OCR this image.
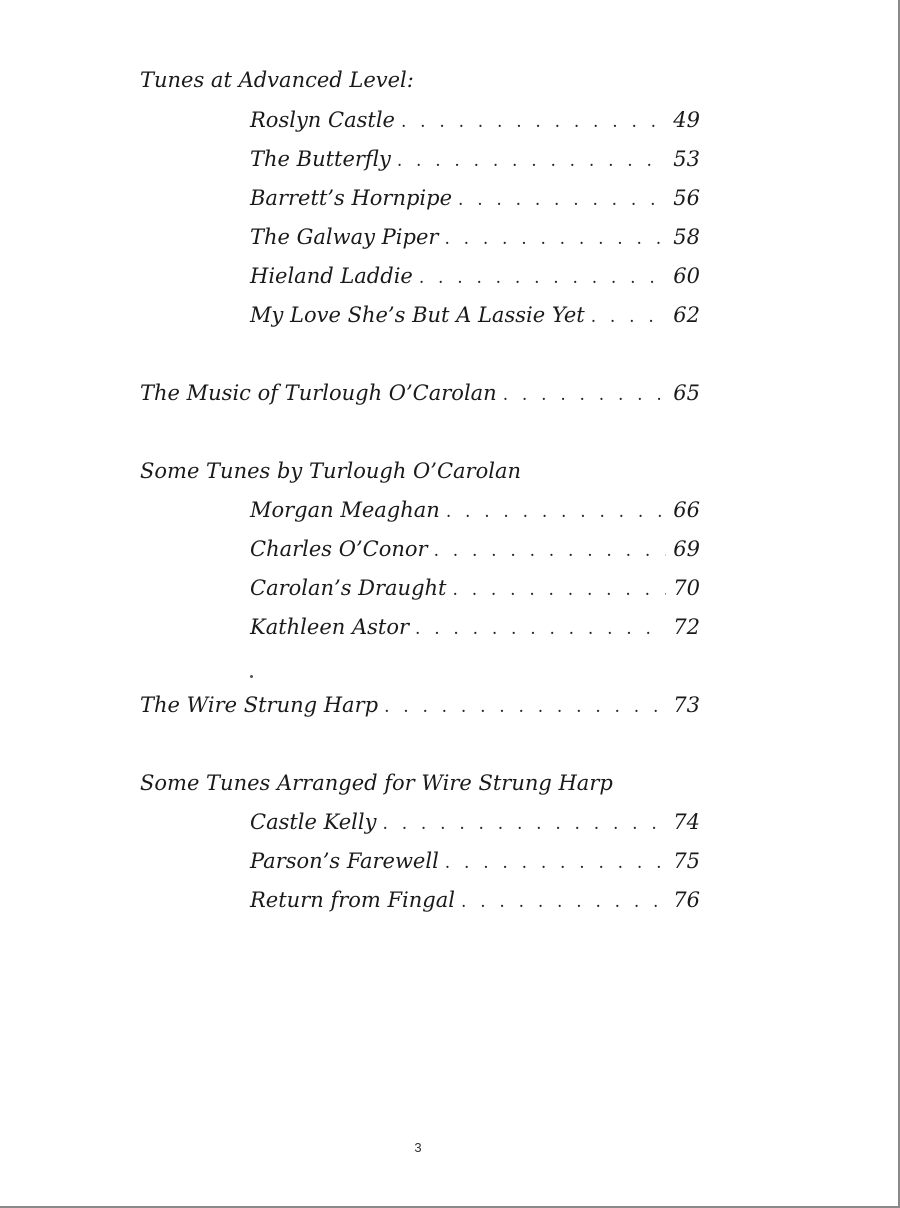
Tunes at Advanced Level:
Roslyn Castle . . .	49
The Butterfly . . .	53
Barrett’s Hornpipe . . .	56
The Galway Piper . . .	58
Hieland Laddie . . .	60
My Love She’s But A Lassie Yet . . .	62
The Music of Turlough O’Carolan . . .	65
Some Tunes by Turlough O’Carolan
Morgan Meaghan . . .	66
Charles O’Conor . . .	69
Carolan’s Draught . . .	70
Kathleen Astor . . .	72
The Wire Strung Harp . . .	73
Some Tunes Arranged for Wire Strung Harp
Castle Kelly . . .	74
Parson’s Farewell . . .	75
Return from Fingal . . .	76
3
